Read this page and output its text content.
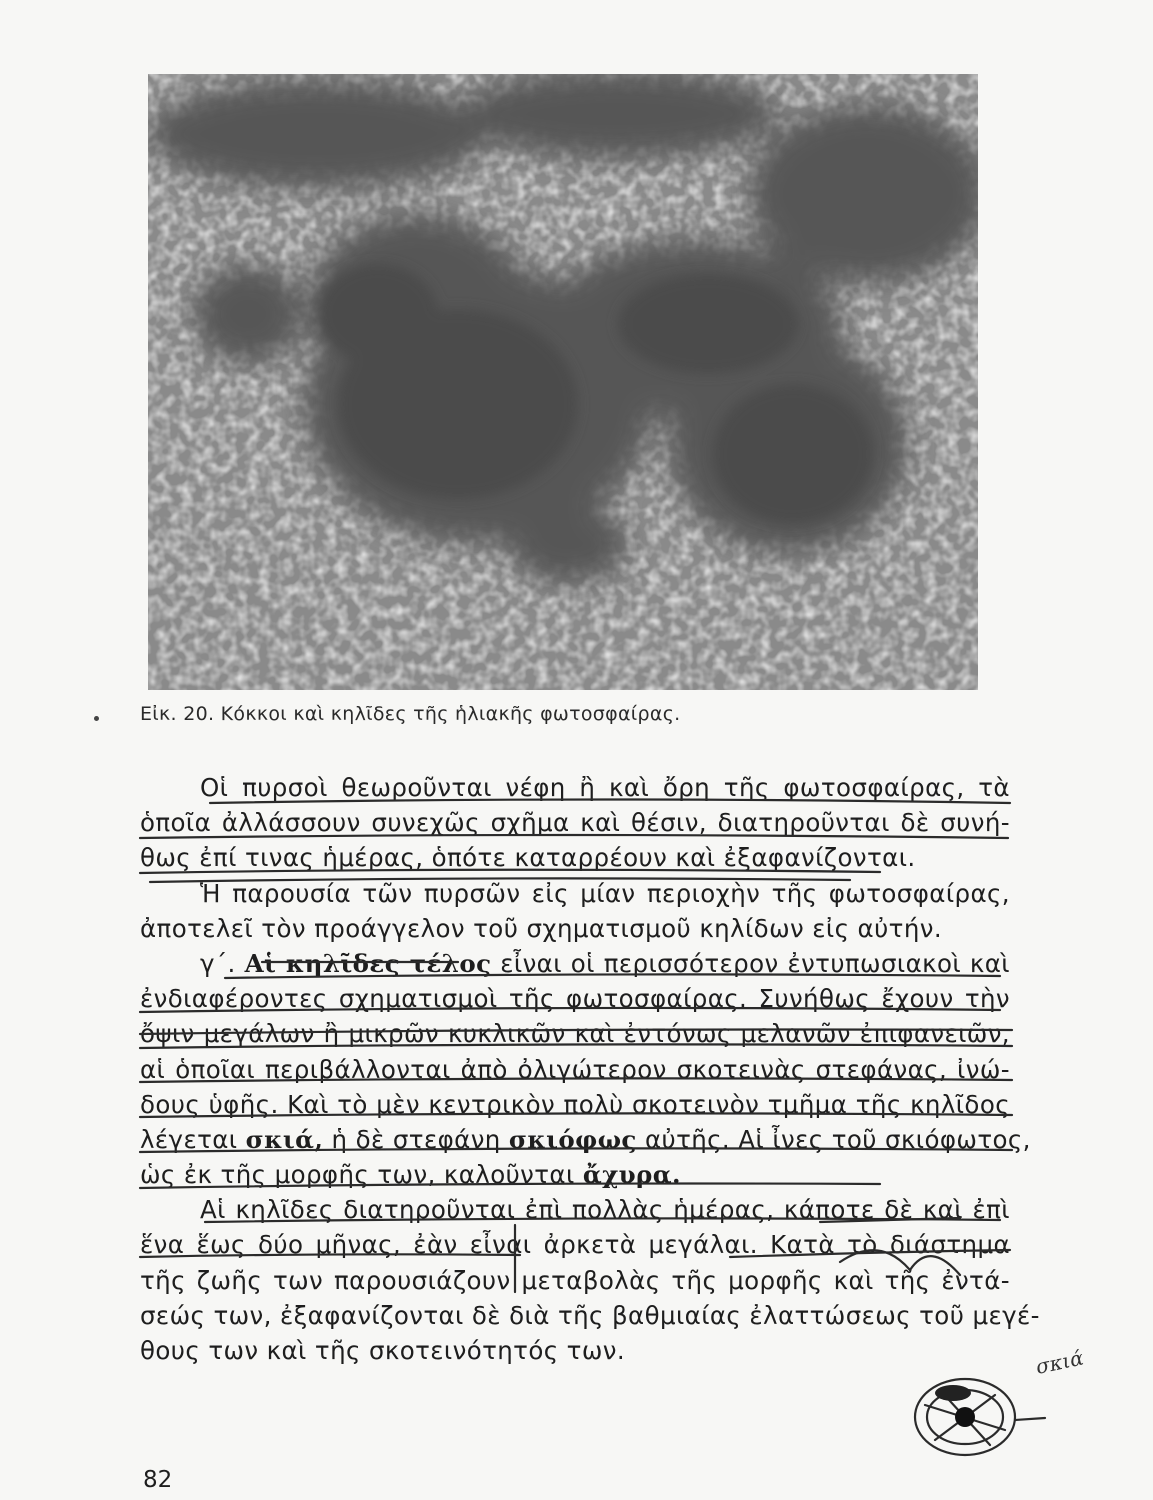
Εἰκ. 20. Κόκκοι καὶ κηλῖδες τῆς ἡλιακῆς φωτοσφαίρας.
Οἱ πυρσοὶ θεωροῦνται νέφη ἢ καὶ ὄρη τῆς φωτοσφαίρας, τὰ
ὁποῖα ἀλλάσσουν συνεχῶς σχῆμα καὶ θέσιν, διατηροῦνται δὲ συνή-
θως ἐπί τινας ἡμέρας, ὁπότε καταρρέουν καὶ ἐξαφανίζονται.
Ἡ παρουσία τῶν πυρσῶν εἰς μίαν περιοχὴν τῆς φωτοσφαίρας,
ἀποτελεῖ τὸν προάγγελον τοῦ σχηματισμοῦ κηλίδων εἰς αὐτήν.
γ΄. Αἱ κηλῖδες τέλος εἶναι οἱ περισσότερον ἐντυπωσιακοὶ καὶ
ἐνδιαφέροντες σχηματισμοὶ τῆς φωτοσφαίρας. Συνήθως ἔχουν τὴν
ὄψιν μεγάλων ἢ μικρῶν κυκλικῶν καὶ ἐντόνως μελανῶν ἐπιφανειῶν,
αἱ ὁποῖαι περιβάλλονται ἀπὸ ὀλιγώτερον σκοτεινὰς στεφάνας, ἰνώ-
δους ὑφῆς. Καὶ τὸ μὲν κεντρικὸν πολὺ σκοτεινὸν τμῆμα τῆς κηλῖδος
λέγεται σκιά, ἡ δὲ στεφάνη σκιόφως αὐτῆς. Αἱ ἶνες τοῦ σκιόφωτος,
ὡς ἐκ τῆς μορφῆς των, καλοῦνται ἄχυρα.
Αἱ κηλῖδες διατηροῦνται ἐπὶ πολλὰς ἡμέρας, κάποτε δὲ καὶ ἐπὶ
ἕνα ἕως δύο μῆνας, ἐὰν εἶναι ἀρκετὰ μεγάλαι. Κατὰ τὸ διάστημα
τῆς ζωῆς των παρουσιάζουν μεταβολὰς τῆς μορφῆς καὶ τῆς ἐντά-
σεώς των, ἐξαφανίζονται δὲ διὰ τῆς βαθμιαίας ἐλαττώσεως τοῦ μεγέ-
θους των καὶ τῆς σκοτεινότητός των.
82
σκιά
